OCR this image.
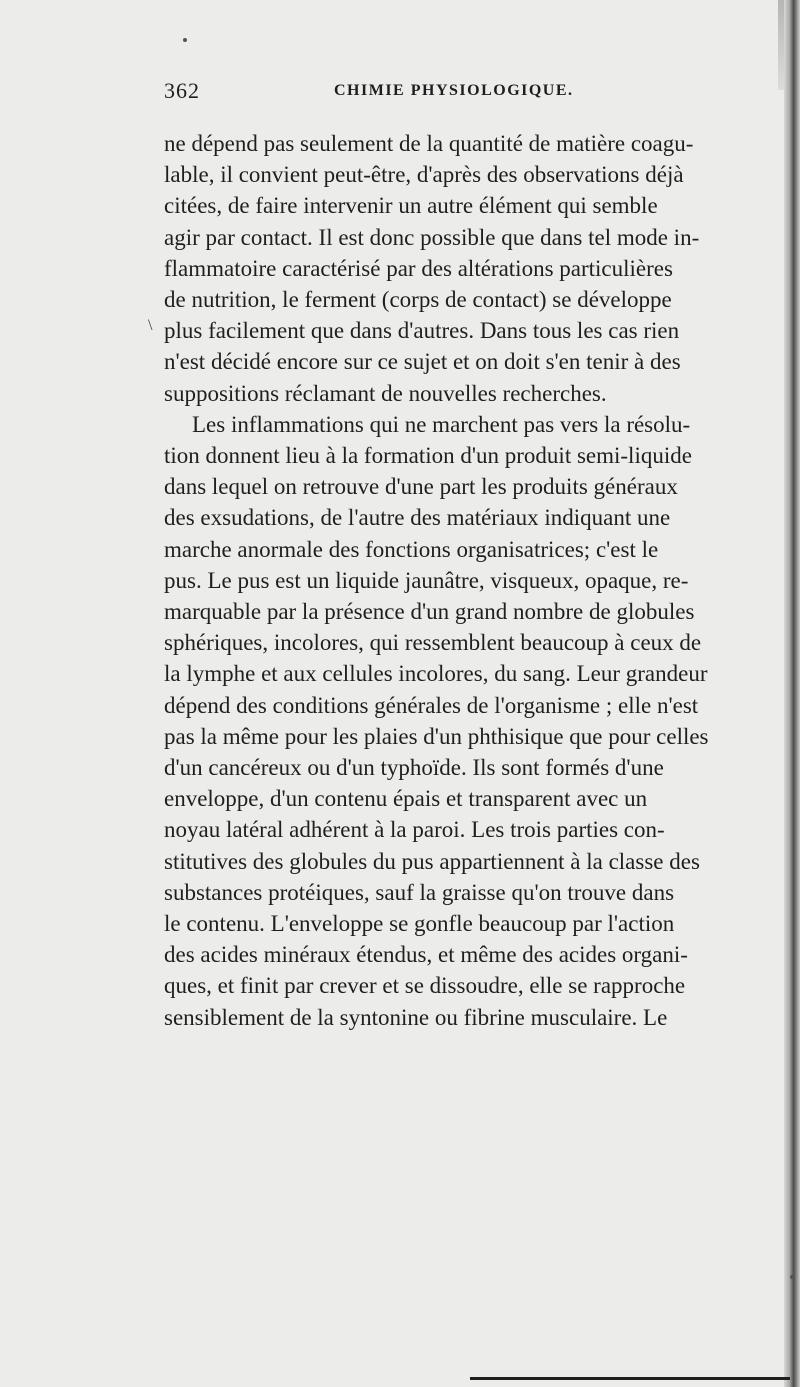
\
362	CHIMIE PHYSIOLOGIQUE.
ne dépend pas seulement de la quantité de matière coagu-
lable, il convient peut-être, d'après des observations déjà
citées, de faire intervenir un autre élément qui semble
agir par contact. Il est donc possible que dans tel mode in-
flammatoire caractérisé par des altérations particulières
de nutrition, le ferment (corps de contact) se développe
plus facilement que dans d'autres. Dans tous les cas rien
n'est décidé encore sur ce sujet et on doit s'en tenir à des
suppositions réclamant de nouvelles recherches.
Les inflammations qui ne marchent pas vers la résolu-
tion donnent lieu à la formation d'un produit semi-liquide
dans lequel on retrouve d'une part les produits généraux
des exsudations, de l'autre des matériaux indiquant une
marche anormale des fonctions organisatrices; c'est le
pus. Le pus est un liquide jaunâtre, visqueux, opaque, re-
marquable par la présence d'un grand nombre de globules
sphériques, incolores, qui ressemblent beaucoup à ceux de
la lymphe et aux cellules incolores, du sang. Leur grandeur
dépend des conditions générales de l'organisme ; elle n'est
pas la même pour les plaies d'un phthisique que pour celles
d'un cancéreux ou d'un typhoïde. Ils sont formés d'une
enveloppe, d'un contenu épais et transparent avec un
noyau latéral adhérent à la paroi. Les trois parties con-
stitutives des globules du pus appartiennent à la classe des
substances protéiques, sauf la graisse qu'on trouve dans
le contenu. L'enveloppe se gonfle beaucoup par l'action
des acides minéraux étendus, et même des acides organi-
ques, et finit par crever et se dissoudre, elle se rapproche
sensiblement de la syntonine ou fibrine musculaire. Le
